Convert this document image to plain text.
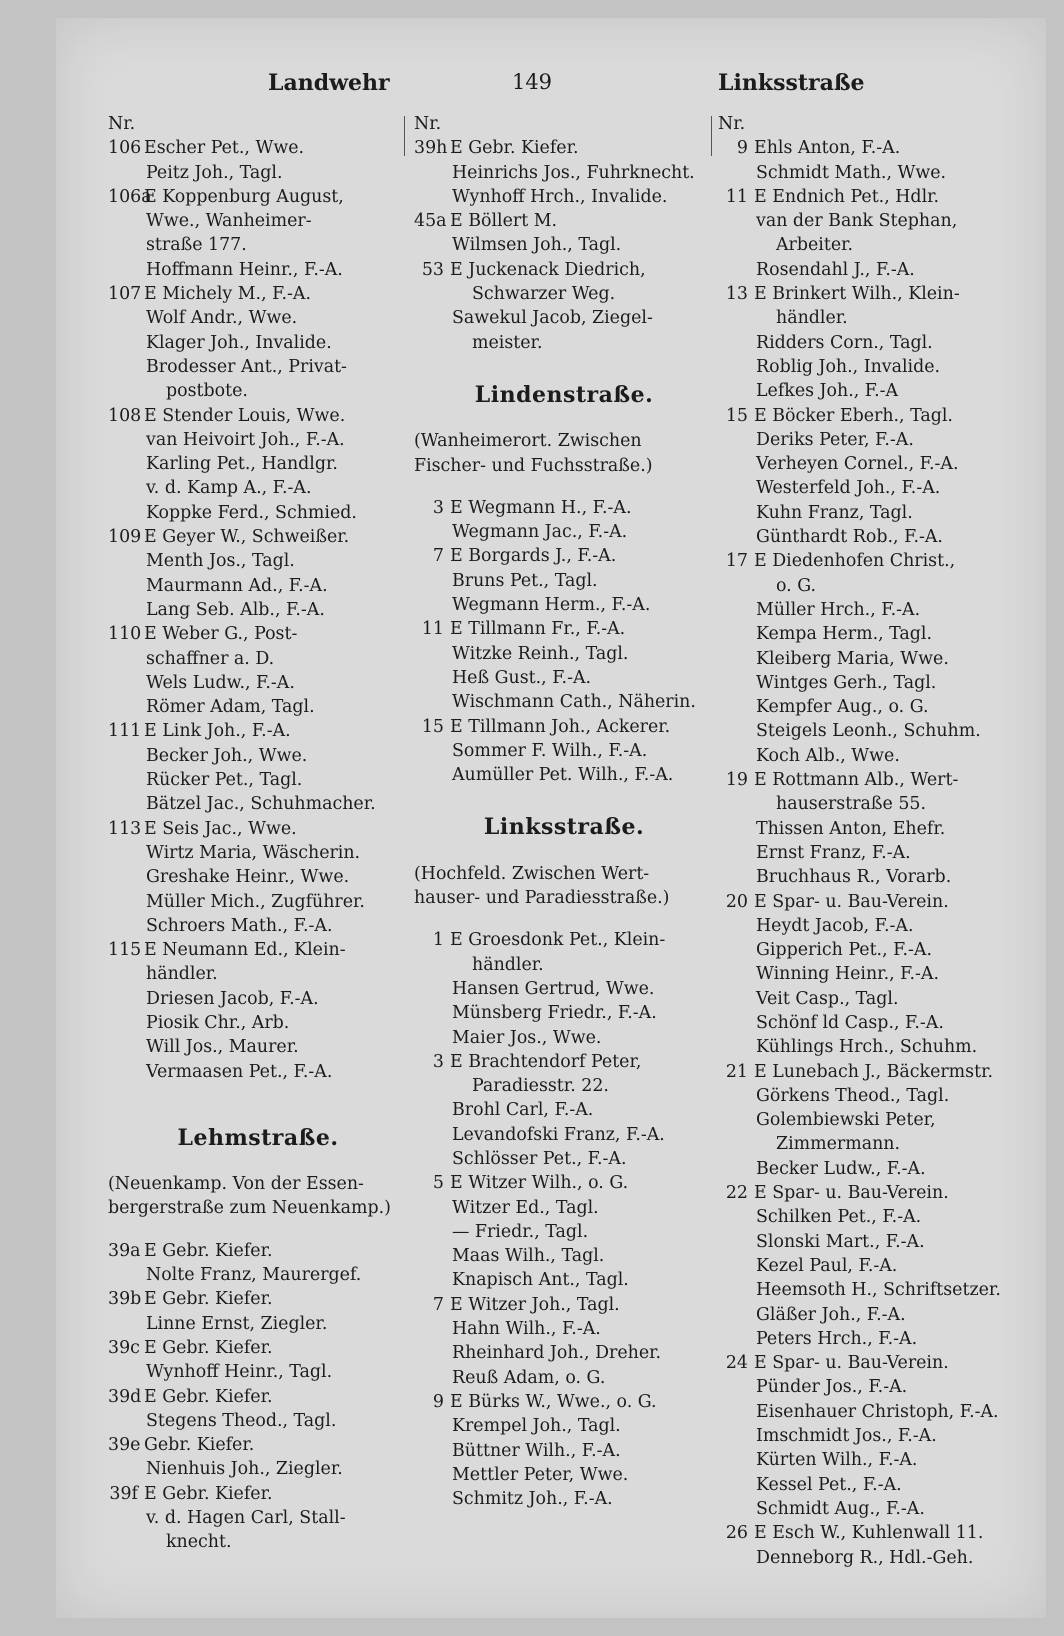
Landwehr	149	Linksstraße
Nr.
106 Escher Pet., Wwe.
Peitz Joh., Tagl.
106aE Koppenburg August,
Wwe., Wanheimer-
straße 177.
Hoffmann Heinr., F.-A.
107 E Michely M., F.-A.
Wolf Andr., Wwe.
Klager Joh., Invalide.
Brodesser Ant., Privat-
postbote.
108 E Stender Louis, Wwe.
van Heivoirt Joh., F.-A.
Karling Pet., Handlgr.
v. d. Kamp A., F.-A.
Koppke Ferd., Schmied.
109 E Geyer W., Schweißer.
Menth Jos., Tagl.
Maurmann Ad., F.-A.
Lang Seb. Alb., F.-A.
110 E Weber G., Post-
schaffner a. D.
Wels Ludw., F.-A.
Römer Adam, Tagl.
111 E Link Joh., F.-A.
Becker Joh., Wwe.
Rücker Pet., Tagl.
Bätzel Jac., Schuhmacher.
113 E Seis Jac., Wwe.
Wirtz Maria, Wäscherin.
Greshake Heinr., Wwe.
Müller Mich., Zugführer.
Schroers Math., F.-A.
115 E Neumann Ed., Klein-
händler.
Driesen Jacob, F.-A.
Piosik Chr., Arb.
Will Jos., Maurer.
Vermaasen Pet., F.-A.
Lehmstraße.
(Neuenkamp. Von der Essen-
bergerstraße zum Neuenkamp.)
39a E Gebr. Kiefer.
Nolte Franz, Maurergef.
39b E Gebr. Kiefer.
Linne Ernst, Ziegler.
39c E Gebr. Kiefer.
Wynhoff Heinr., Tagl.
39d E Gebr. Kiefer.
Stegens Theod., Tagl.
39e Gebr. Kiefer.
Nienhuis Joh., Ziegler.
39f E Gebr. Kiefer.
v. d. Hagen Carl, Stall-
knecht.
Nr.
39h E Gebr. Kiefer.
Heinrichs Jos., Fuhrknecht.
Wynhoff Hrch., Invalide.
45a E Böllert M.
Wilmsen Joh., Tagl.
53 E Juckenack Diedrich,
Schwarzer Weg.
Sawekul Jacob, Ziegel-
meister.
Lindenstraße.
(Wanheimerort. Zwischen
Fischer- und Fuchsstraße.)
3 E Wegmann H., F.-A.
Wegmann Jac., F.-A.
7 E Borgards J., F.-A.
Bruns Pet., Tagl.
Wegmann Herm., F.-A.
11 E Tillmann Fr., F.-A.
Witzke Reinh., Tagl.
Heß Gust., F.-A.
Wischmann Cath., Näherin.
15 E Tillmann Joh., Ackerer.
Sommer F. Wilh., F.-A.
Aumüller Pet. Wilh., F.-A.
Linksstraße.
(Hochfeld. Zwischen Wert-
hauser- und Paradiesstraße.)
1 E Groesdonk Pet., Klein-
händler.
Hansen Gertrud, Wwe.
Münsberg Friedr., F.-A.
Maier Jos., Wwe.
3 E Brachtendorf Peter,
Paradiesstr. 22.
Brohl Carl, F.-A.
Levandofski Franz, F.-A.
Schlösser Pet., F.-A.
5 E Witzer Wilh., o. G.
Witzer Ed., Tagl.
— Friedr., Tagl.
Maas Wilh., Tagl.
Knapisch Ant., Tagl.
7 E Witzer Joh., Tagl.
Hahn Wilh., F.-A.
Rheinhard Joh., Dreher.
Reuß Adam, o. G.
9 E Bürks W., Wwe., o. G.
Krempel Joh., Tagl.
Büttner Wilh., F.-A.
Mettler Peter, Wwe.
Schmitz Joh., F.-A.
Nr.
9 Ehls Anton, F.-A.
Schmidt Math., Wwe.
11 E Endnich Pet., Hdlr.
van der Bank Stephan,
Arbeiter.
Rosendahl J., F.-A.
13 E Brinkert Wilh., Klein-
händler.
Ridders Corn., Tagl.
Roblig Joh., Invalide.
Lefkes Joh., F.-A
15 E Böcker Eberh., Tagl.
Deriks Peter, F.-A.
Verheyen Cornel., F.-A.
Westerfeld Joh., F.-A.
Kuhn Franz, Tagl.
Günthardt Rob., F.-A.
17 E Diedenhofen Christ.,
o. G.
Müller Hrch., F.-A.
Kempa Herm., Tagl.
Kleiberg Maria, Wwe.
Wintges Gerh., Tagl.
Kempfer Aug., o. G.
Steigels Leonh., Schuhm.
Koch Alb., Wwe.
19 E Rottmann Alb., Wert-
hauserstraße 55.
Thissen Anton, Ehefr.
Ernst Franz, F.-A.
Bruchhaus R., Vorarb.
20 E Spar- u. Bau-Verein.
Heydt Jacob, F.-A.
Gipperich Pet., F.-A.
Winning Heinr., F.-A.
Veit Casp., Tagl.
Schönf ld Casp., F.-A.
Kühlings Hrch., Schuhm.
21 E Lunebach J., Bäckermstr.
Görkens Theod., Tagl.
Golembiewski Peter,
Zimmermann.
Becker Ludw., F.-A.
22 E Spar- u. Bau-Verein.
Schilken Pet., F.-A.
Slonski Mart., F.-A.
Kezel Paul, F.-A.
Heemsoth H., Schriftsetzer.
Gläßer Joh., F.-A.
Peters Hrch., F.-A.
24 E Spar- u. Bau-Verein.
Pünder Jos., F.-A.
Eisenhauer Christoph, F.-A.
Imschmidt Jos., F.-A.
Kürten Wilh., F.-A.
Kessel Pet., F.-A.
Schmidt Aug., F.-A.
26 E Esch W., Kuhlenwall 11.
Denneborg R., Hdl.-Geh.
